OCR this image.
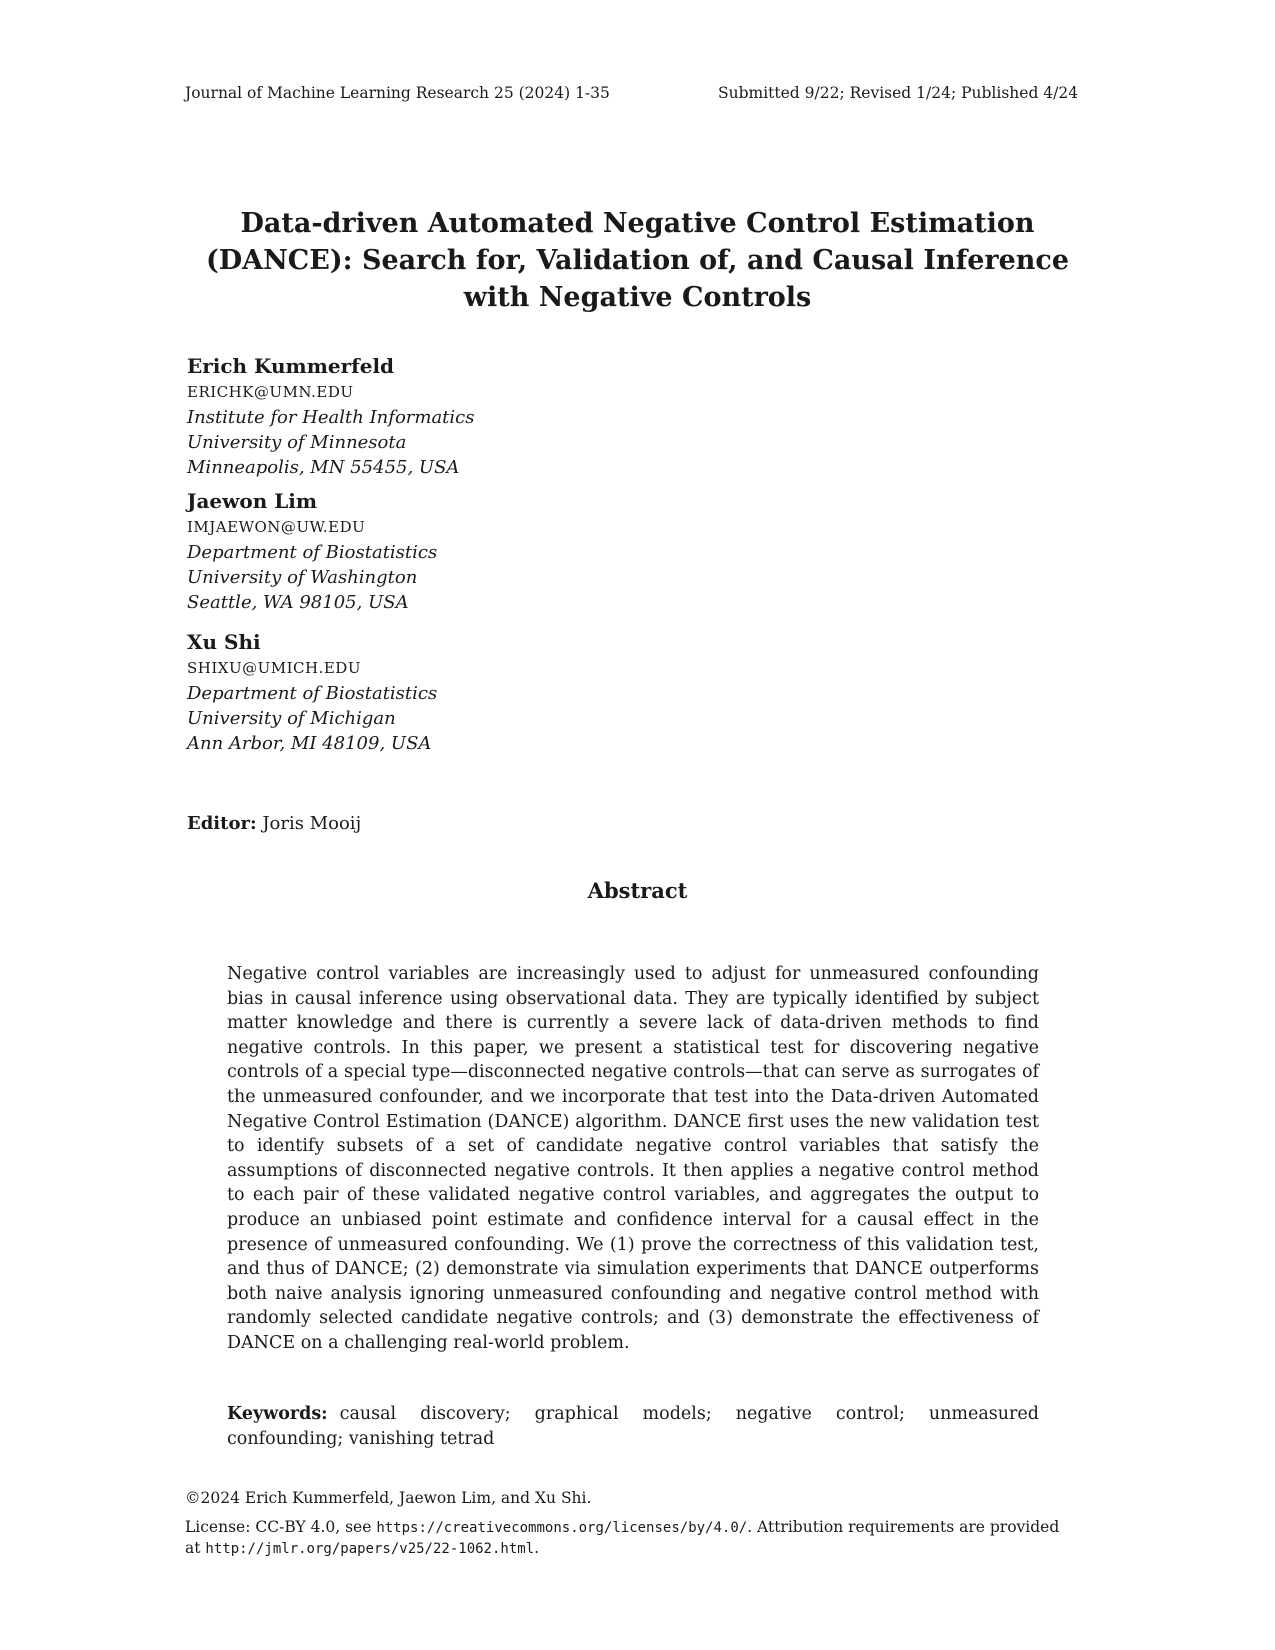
Journal of Machine Learning Research 25 (2024) 1-35	Submitted 9/22; Revised 1/24; Published 4/24
Data-driven Automated Negative Control Estimation
(DANCE): Search for, Validation of, and Causal Inference
with Negative Controls
Erich Kummerfeld
ERICHK@UMN.EDU
Institute for Health Informatics
University of Minnesota
Minneapolis, MN 55455, USA
Jaewon Lim
IMJAEWON@UW.EDU
Department of Biostatistics
University of Washington
Seattle, WA 98105, USA
Xu Shi
SHIXU@UMICH.EDU
Department of Biostatistics
University of Michigan
Ann Arbor, MI 48109, USA
Editor: Joris Mooij
Abstract

Negative control variables are increasingly used to adjust for unmeasured confounding bias in causal inference using observational data. They are typically identified by subject matter knowledge and there is currently a severe lack of data-driven methods to find negative controls. In this paper, we present a statistical test for discovering negative controls of a special type—disconnected negative controls—that can serve as surrogates of the unmeasured confounder, and we incorporate that test into the Data-driven Automated Negative Control Estimation (DANCE) algorithm. DANCE first uses the new validation test to identify subsets of a set of candidate negative control variables that satisfy the assumptions of disconnected negative controls. It then applies a negative control method to each pair of these validated negative control variables, and aggregates the output to produce an unbiased point estimate and confidence interval for a causal effect in the presence of unmeasured confounding. We (1) prove the correctness of this validation test, and thus of DANCE; (2) demonstrate via simulation experiments that DANCE outperforms both naive analysis ignoring unmeasured confounding and negative control method with randomly selected candidate negative controls; and (3) demonstrate the effectiveness of DANCE on a challenging real-world problem.

Keywords: causal discovery; graphical models; negative control; unmeasured confounding; vanishing tetrad

©2024 Erich Kummerfeld, Jaewon Lim, and Xu Shi.
License: CC-BY 4.0, see https://creativecommons.org/licenses/by/4.0/. Attribution requirements are provided at http://jmlr.org/papers/v25/22-1062.html.
